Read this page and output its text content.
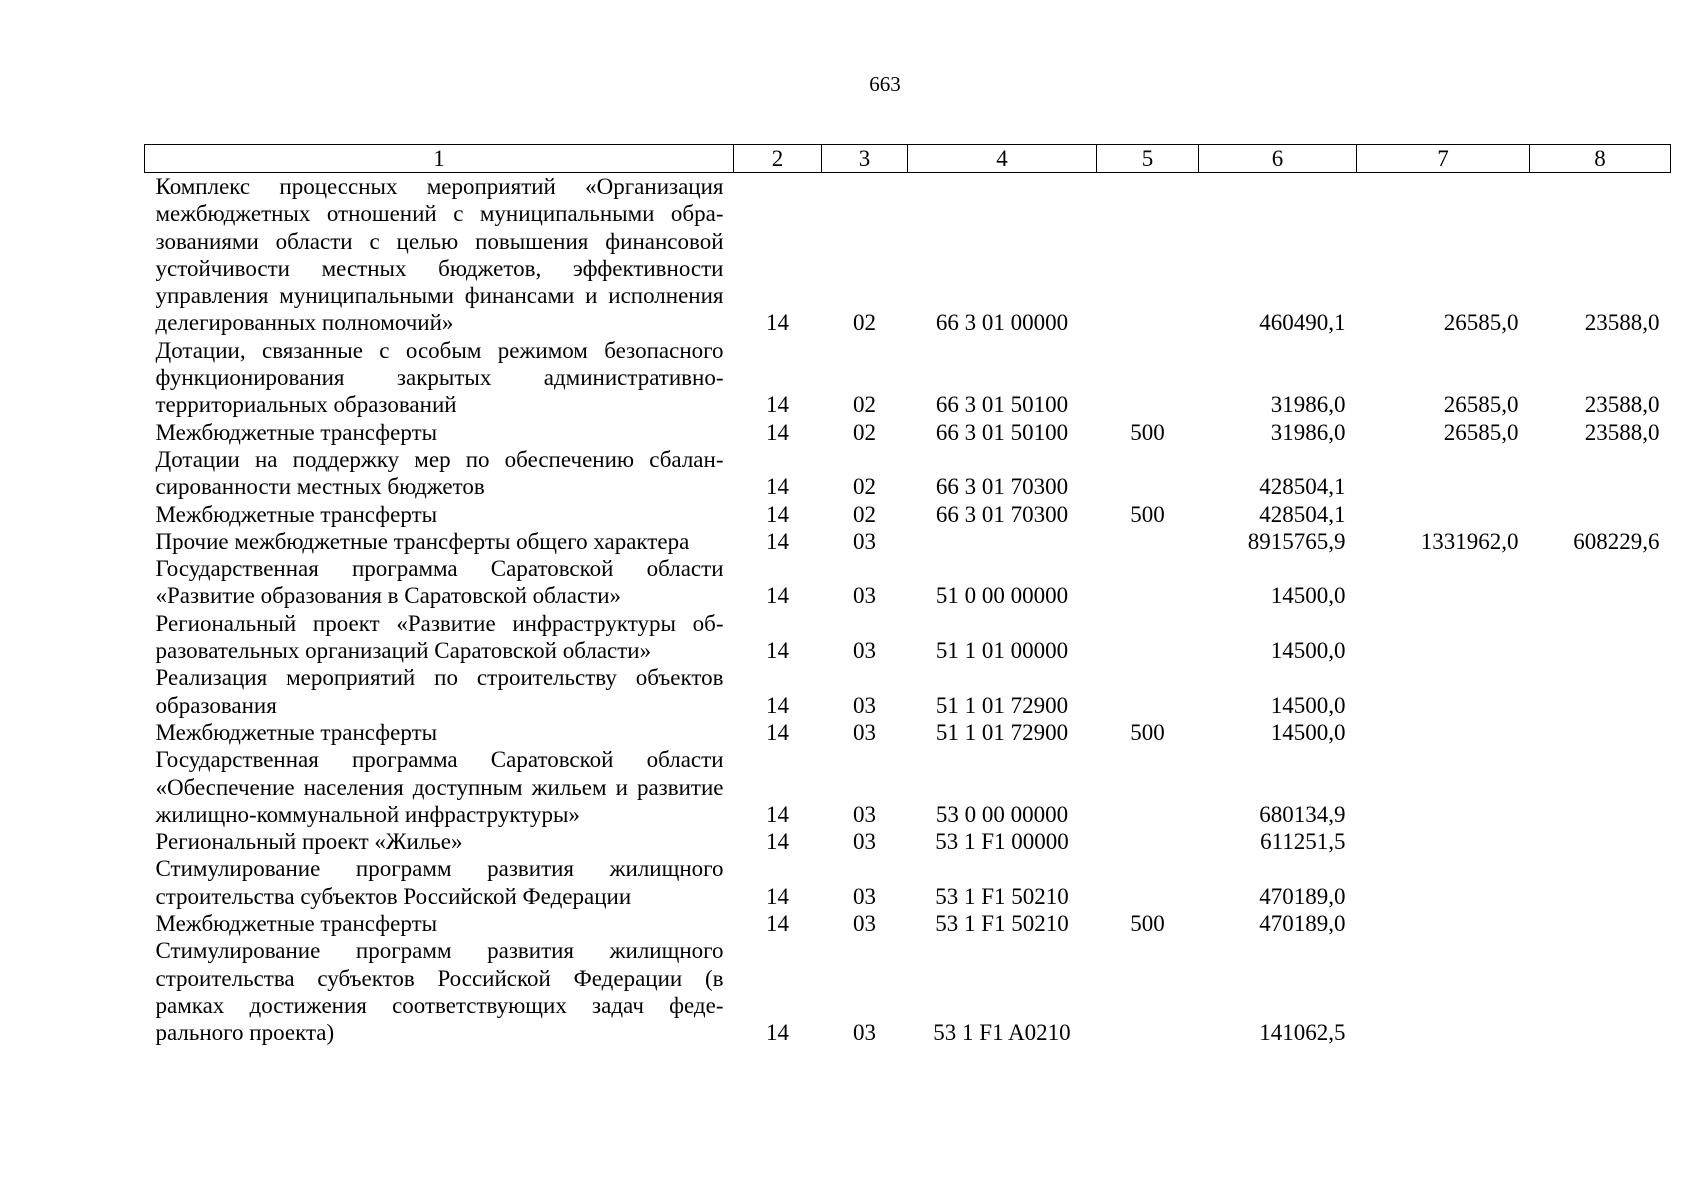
663
1	2	3	4	5	6	7	8
Комплекс процессных мероприятий «Организация межбюджетных отношений с муниципальными образованиями области с целью повышения финансовой устойчивости местных бюджетов, эффективности управления муниципальными финансами и исполнения делегированных полномочий»	14	02	66 3 01 00000		460490,1	26585,0	23588,0
Дотации, связанные с особым режимом безопасного функционирования закрытых административно-территориальных образований	14	02	66 3 01 50100		31986,0	26585,0	23588,0
Межбюджетные трансферты	14	02	66 3 01 50100	500	31986,0	26585,0	23588,0
Дотации на поддержку мер по обеспечению сбалансированности местных бюджетов	14	02	66 3 01 70300		428504,1		
Межбюджетные трансферты	14	02	66 3 01 70300	500	428504,1		
Прочие межбюджетные трансферты общего характера	14	03			8915765,9	1331962,0	608229,6
Государственная программа Саратовской области «Развитие образования в Саратовской области»	14	03	51 0 00 00000		14500,0		
Региональный проект «Развитие инфраструктуры образовательных организаций Саратовской области»	14	03	51 1 01 00000		14500,0		
Реализация мероприятий по строительству объектов образования	14	03	51 1 01 72900		14500,0		
Межбюджетные трансферты	14	03	51 1 01 72900	500	14500,0		
Государственная программа Саратовской области «Обеспечение населения доступным жильем и развитие жилищно-коммунальной инфраструктуры»	14	03	53 0 00 00000		680134,9		
Региональный проект «Жилье»	14	03	53 1 F1 00000		611251,5		
Стимулирование программ развития жилищного строительства субъектов Российской Федерации	14	03	53 1 F1 50210		470189,0		
Межбюджетные трансферты	14	03	53 1 F1 50210	500	470189,0		
Стимулирование программ развития жилищного строительства субъектов Российской Федерации (в рамках достижения соответствующих задач федерального проекта)	14	03	53 1 F1 A0210		141062,5		
